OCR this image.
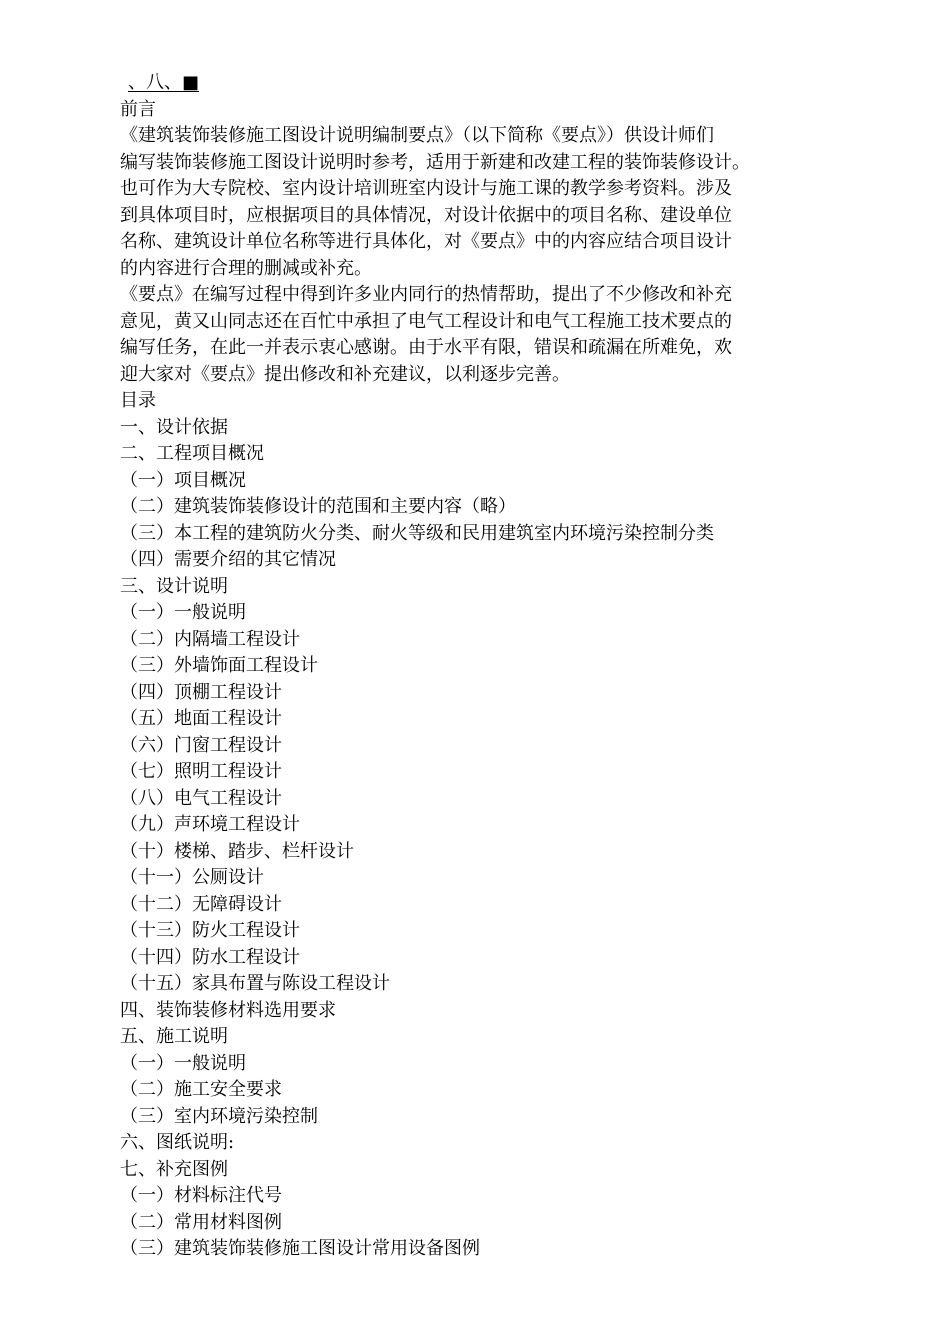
、八、■
前言
《建筑装饰装修施工图设计说明编制要点》（以下简称《要点》）供设计师们
编写装饰装修施工图设计说明时参考，适用于新建和改建工程的装饰装修设计。
也可作为大专院校、室内设计培训班室内设计与施工课的教学参考资料。涉及
到具体项目时，应根据项目的具体情况，对设计依据中的项目名称、建设单位
名称、建筑设计单位名称等进行具体化，对《要点》中的内容应结合项目设计
的内容进行合理的删减或补充。
《要点》在编写过程中得到许多业内同行的热情帮助，提出了不少修改和补充
意见，黄又山同志还在百忙中承担了电气工程设计和电气工程施工技术要点的
编写任务，在此一并表示衷心感谢。由于水平有限，错误和疏漏在所难免，欢
迎大家对《要点》提出修改和补充建议，以利逐步完善。
目录
一、设计依据
二、工程项目概况
（一）项目概况
（二）建筑装饰装修设计的范围和主要内容（略）
（三）本工程的建筑防火分类、耐火等级和民用建筑室内环境污染控制分类
（四）需要介绍的其它情况
三、设计说明
（一）一般说明
（二）内隔墙工程设计
（三）外墙饰面工程设计
（四）顶棚工程设计
（五）地面工程设计
（六）门窗工程设计
（七）照明工程设计
（八）电气工程设计
（九）声环境工程设计
（十）楼梯、踏步、栏杆设计
（十一）公厕设计
（十二）无障碍设计
（十三）防火工程设计
（十四）防水工程设计
（十五）家具布置与陈设工程设计
四、装饰装修材料选用要求
五、施工说明
（一）一般说明
（二）施工安全要求
（三）室内环境污染控制
六、图纸说明:
七、补充图例
（一）材料标注代号
（二）常用材料图例
（三）建筑装饰装修施工图设计常用设备图例
